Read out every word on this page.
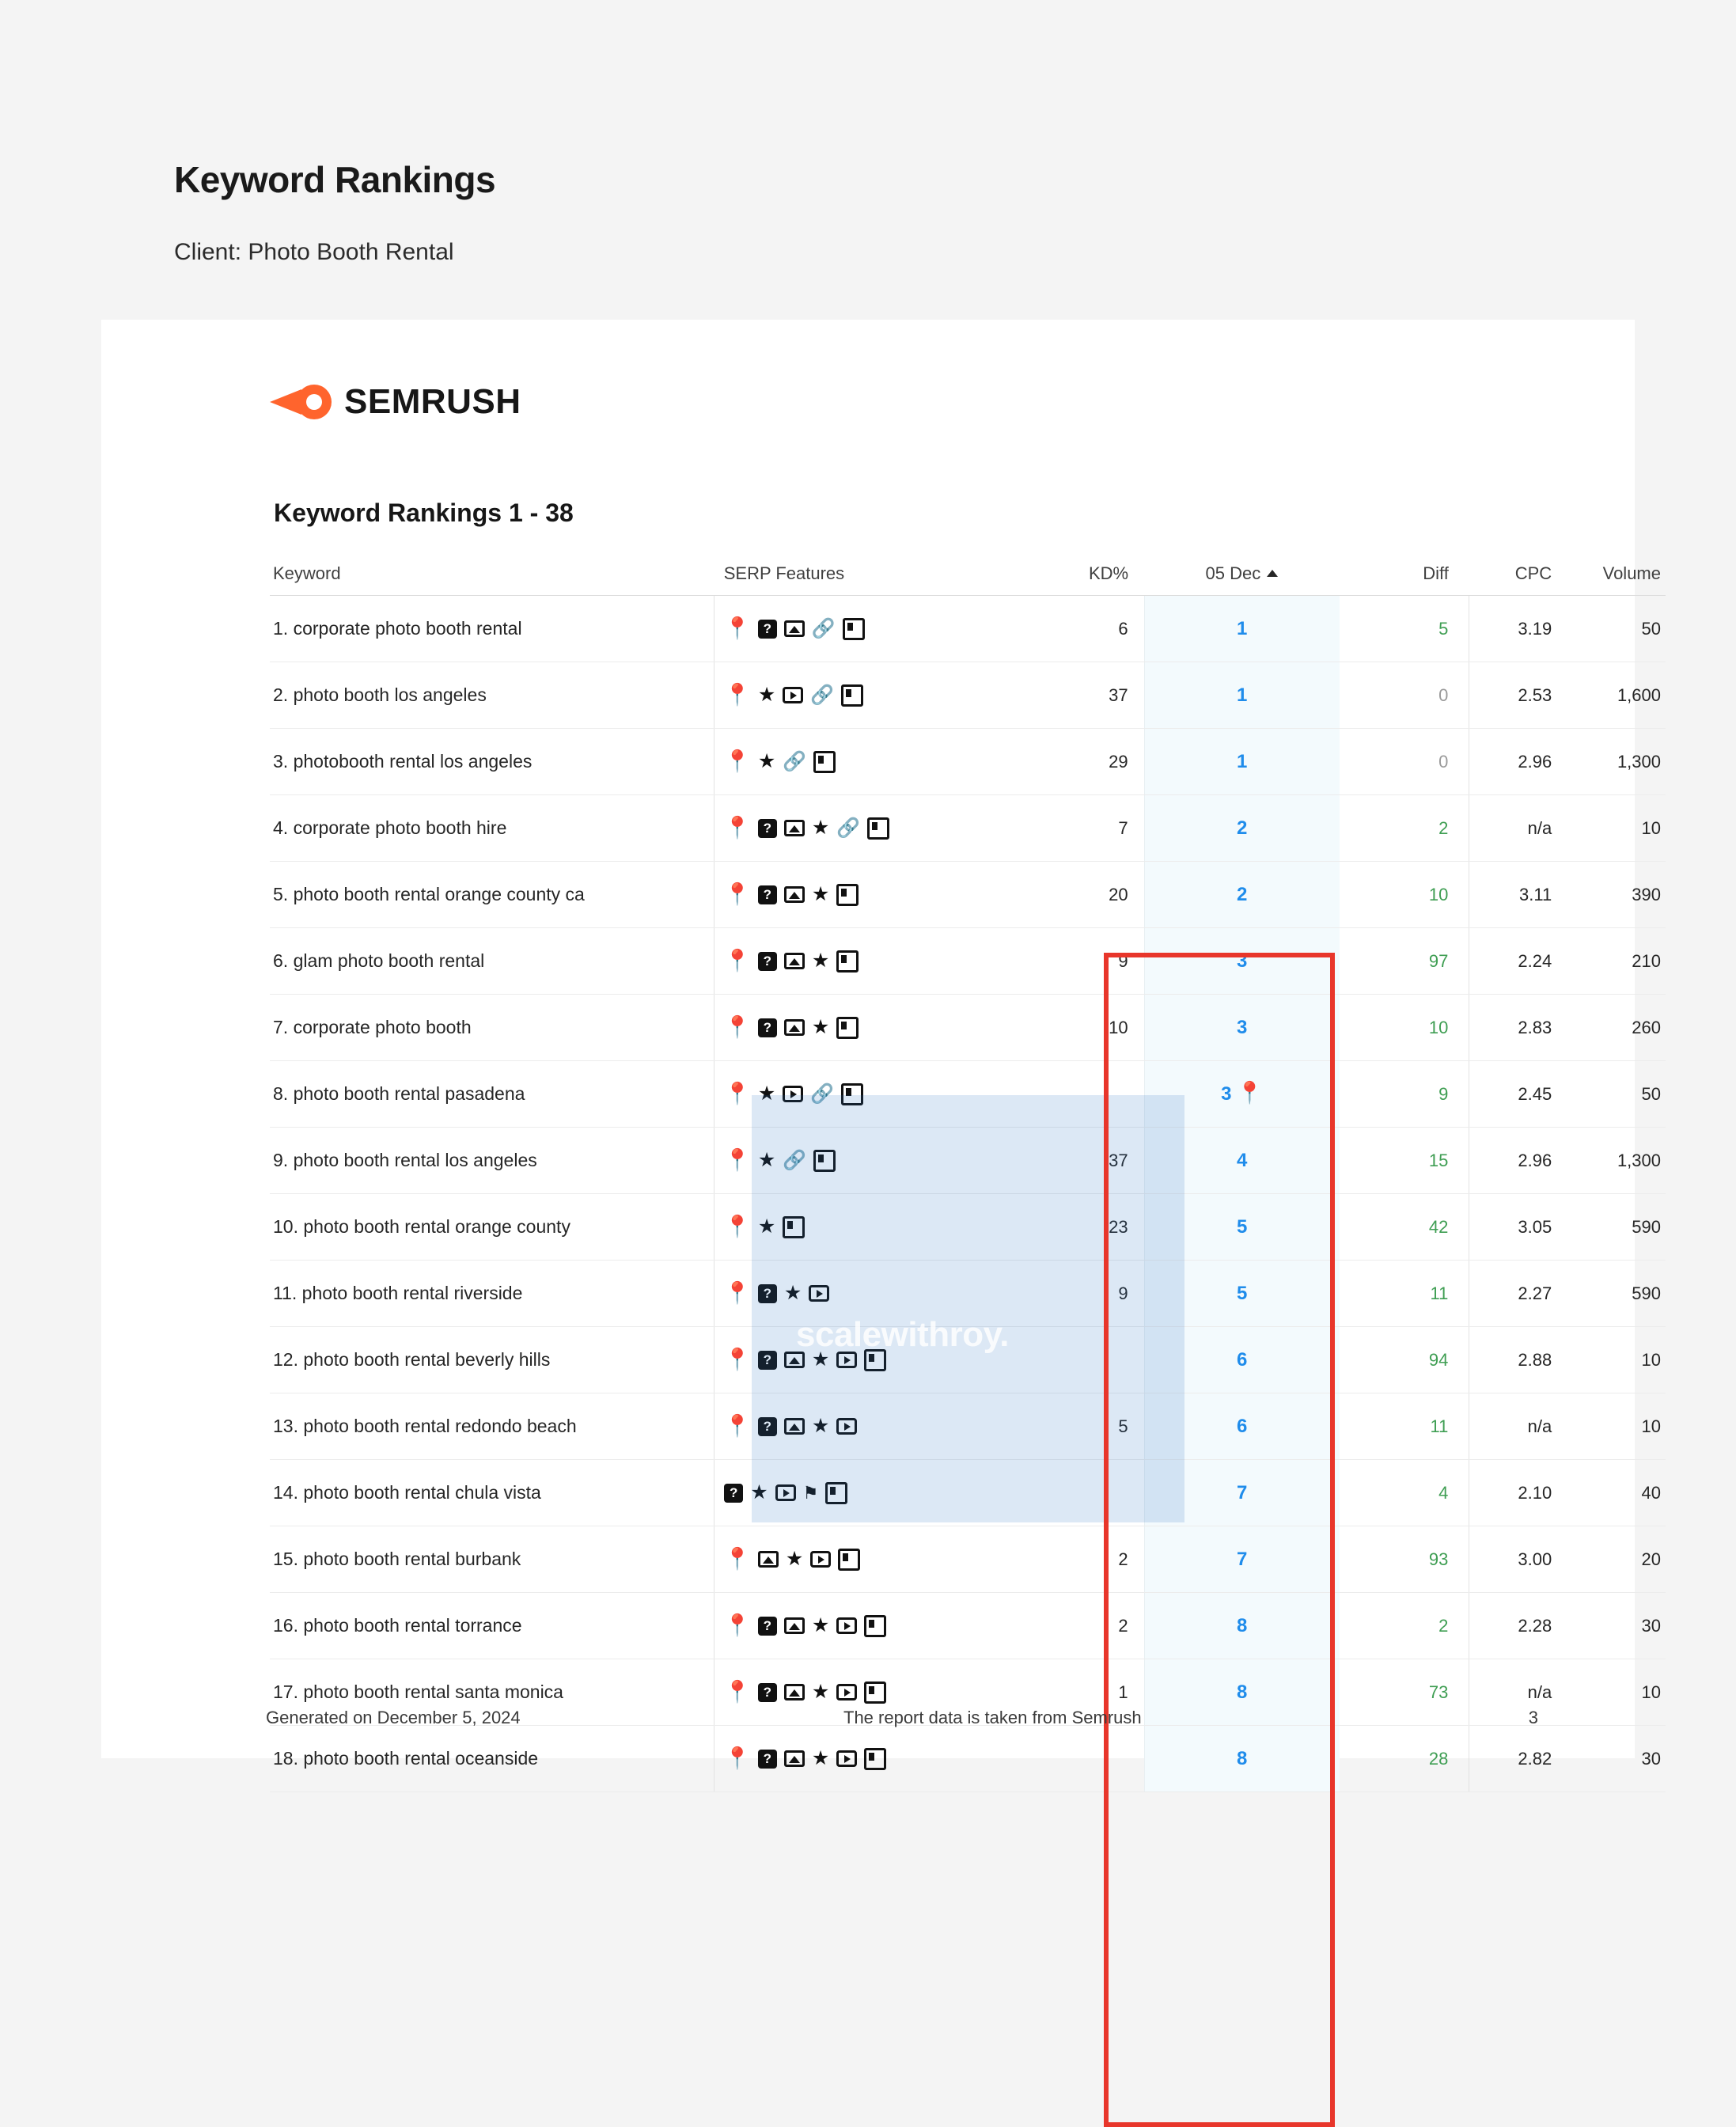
Keyword Rankings

Client: Photo Booth Rental

SEMRUSH
Keyword Rankings 1 - 38
Keyword	SERP Features	KD%	05 Dec	Diff	CPC	Volume
1. corporate photo booth rental	📍 ? 🔗	6	1	5	3.19	50
2. photo booth los angeles	📍 ★ 🔗	37	1	0	2.53	1,600
3. photobooth rental los angeles	📍 ★ 🔗	29	1	0	2.96	1,300
4. corporate photo booth hire	📍 ? ★ 🔗	7	2	2	n/a	10
5. photo booth rental orange county ca	📍 ? ★	20	2	10	3.11	390
6. glam photo booth rental	📍 ? ★	9	3	97	2.24	210
7. corporate photo booth	📍 ? ★	10	3	10	2.83	260
8. photo booth rental pasadena	📍 ★ 🔗		3 📍	9	2.45	50
9. photo booth rental los angeles	📍 ★ 🔗	37	4	15	2.96	1,300
10. photo booth rental orange county	📍 ★	23	5	42	3.05	590
11. photo booth rental riverside	📍 ? ★	9	5	11	2.27	590
12. photo booth rental beverly hills	📍 ? ★		6	94	2.88	10
13. photo booth rental redondo beach	📍 ? ★	5	6	11	n/a	10
14. photo booth rental chula vista	? ★ ⚑		7	4	2.10	40
15. photo booth rental burbank	📍 ★	2	7	93	3.00	20
16. photo booth rental torrance	📍 ? ★	2	8	2	2.28	30
17. photo booth rental santa monica	📍 ? ★	1	8	73	n/a	10
18. photo booth rental oceanside	📍 ? ★		8	28	2.82	30
scalewithroy.
Generated on December 5, 2024	The report data is taken from Semrush	3
